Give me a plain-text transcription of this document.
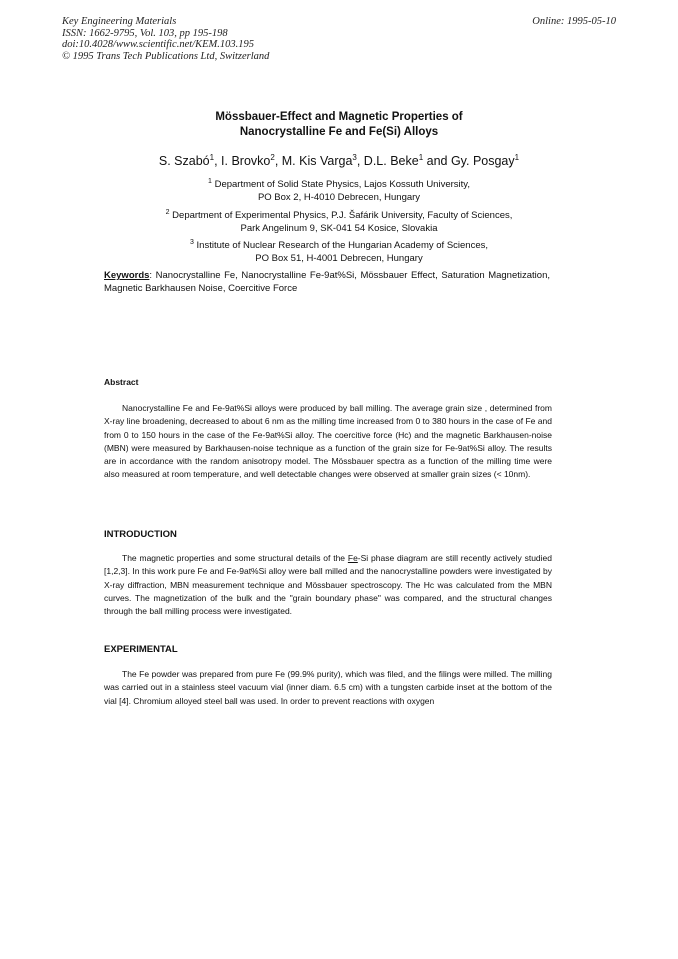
Key Engineering Materials
ISSN: 1662-9795, Vol. 103, pp 195-198
doi:10.4028/www.scientific.net/KEM.103.195
© 1995 Trans Tech Publications Ltd, Switzerland
Online: 1995-05-10
Mössbauer-Effect and Magnetic Properties of
Nanocrystalline Fe and Fe(Si) Alloys
S. Szabó$^1$, I. Brovko$^2$, M. Kis Varga$^3$, D.L. Beke$^1$ and Gy. Posgay$^1$
$^1$ Department of Solid State Physics, Lajos Kossuth University,
PO Box 2, H-4010 Debrecen, Hungary
$^2$ Department of Experimental Physics, P.J. Šafárik University, Faculty of Sciences,
Park Angelinum 9, SK-041 54 Kosice, Slovakia
$^3$ Institute of Nuclear Research of the Hungarian Academy of Sciences,
PO Box 51, H-4001 Debrecen, Hungary
Keywords: Nanocrystalline Fe, Nanocrystalline Fe-9at%Si, Mössbauer Effect, Saturation Magnetization, Magnetic Barkhausen Noise, Coercitive Force
Abstract
Nanocrystalline Fe and Fe-9at%Si alloys were produced by ball milling. The average grain size , determined from X-ray line broadening, decreased to about 6 nm as the milling time increased from 0 to 380 hours in the case of Fe and from 0 to 150 hours in the case of the Fe-9at%Si alloy. The coercitive force (Hc) and the magnetic Barkhausen-noise (MBN) were measured by Barkhausen-noise technique as a function of the grain size for Fe-9at%Si alloy. The results are in accordance with the random anisotropy model. The Mössbauer spectra as a function of the milling time were also measured at room temperature, and well detectable changes were observed at smaller grain sizes (< 10nm).
INTRODUCTION
The magnetic properties and some structural details of the Fe-Si phase diagram are still recently actively studied [1,2,3]. In this work pure Fe and Fe-9at%Si alloy were ball milled and the nanocrystalline powders were investigated by X-ray diffraction, MBN measurement technique and Mössbauer spectroscopy. The Hc was calculated from the MBN curves. The magnetization of the bulk and the "grain boundary phase" was compared, and the structural changes through the ball milling process were investigated.
EXPERIMENTAL
The Fe powder was prepared from pure Fe (99.9% purity), which was filed, and the filings were milled. The milling was carried out in a stainless steel vacuum vial (inner diam. 6.5 cm) with a tungsten carbide inset at the bottom of the vial [4]. Chromium alloyed steel ball was used. In order to prevent reactions with oxygen
